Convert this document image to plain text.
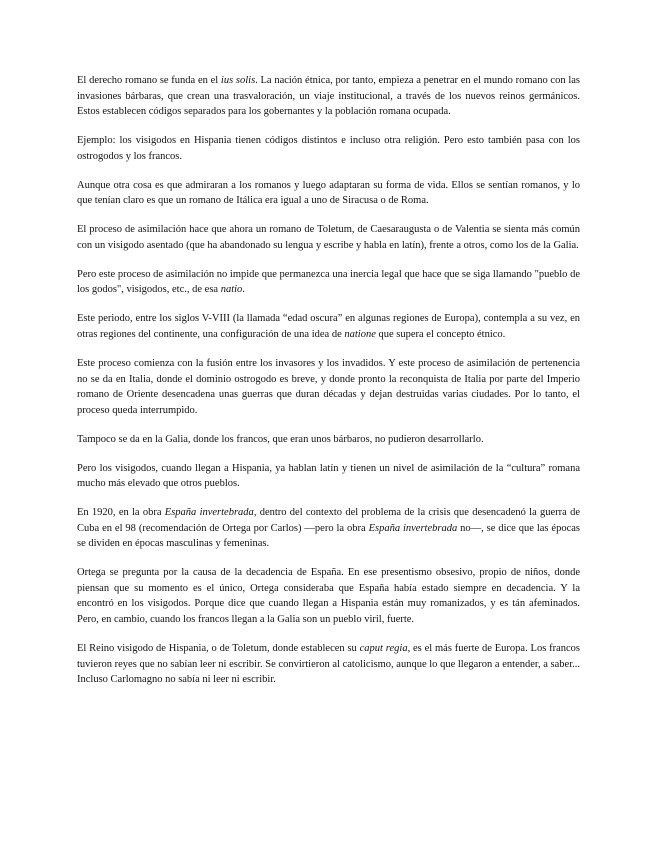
El derecho romano se funda en el ius solis. La nación étnica, por tanto, empieza a penetrar en el mundo romano con las invasiones bárbaras, que crean una trasvaloración, un viaje institucional, a través de los nuevos reinos germánicos. Estos establecen códigos separados para los gobernantes y la población romana ocupada.

Ejemplo: los visigodos en Hispania tienen códigos distintos e incluso otra religión. Pero esto también pasa con los ostrogodos y los francos.

Aunque otra cosa es que admiraran a los romanos y luego adaptaran su forma de vida. Ellos se sentían romanos, y lo que tenían claro es que un romano de Itálica era igual a uno de Siracusa o de Roma.

El proceso de asimilación hace que ahora un romano de Toletum, de Caesaraugusta o de Valentia se sienta más común con un visigodo asentado (que ha abandonado su lengua y escribe y habla en latín), frente a otros, como los de la Galia.

Pero este proceso de asimilación no impide que permanezca una inercia legal que hace que se siga llamando "pueblo de los godos", visigodos, etc., de esa natio.

Este periodo, entre los siglos V-VIII (la llamada “edad oscura” en algunas regiones de Europa), contempla a su vez, en otras regiones del continente, una configuración de una idea de natione que supera el concepto étnico.

Este proceso comienza con la fusión entre los invasores y los invadidos. Y este proceso de asimilación de pertenencia no se da en Italia, donde el dominio ostrogodo es breve, y donde pronto la reconquista de Italia por parte del Imperio romano de Oriente desencadena unas guerras que duran décadas y dejan destruidas varias ciudades. Por lo tanto, el proceso queda interrumpido.

Tampoco se da en la Galia, donde los francos, que eran unos bárbaros, no pudieron desarrollarlo.

Pero los visigodos, cuando llegan a Hispania, ya hablan latín y tienen un nivel de asimilación de la “cultura” romana mucho más elevado que otros pueblos.

En 1920, en la obra España invertebrada, dentro del contexto del problema de la crisis que desencadenó la guerra de Cuba en el 98 (recomendación de Ortega por Carlos) —pero la obra España invertebrada no—, se dice que las épocas se dividen en épocas masculinas y femeninas.

Ortega se pregunta por la causa de la decadencia de España. En ese presentismo obsesivo, propio de niños, donde piensan que su momento es el único, Ortega consideraba que España había estado siempre en decadencia. Y la encontró en los visigodos. Porque dice que cuando llegan a Hispania están muy romanizados, y es tán afeminados. Pero, en cambio, cuando los francos llegan a la Galia son un pueblo viril, fuerte.

El Reino visigodo de Hispania, o de Toletum, donde establecen su caput regia, es el más fuerte de Europa. Los francos tuvieron reyes que no sabían leer ni escribir. Se convirtieron al catolicismo, aunque lo que llegaron a entender, a saber... Incluso Carlomagno no sabía ni leer ni escribir.
